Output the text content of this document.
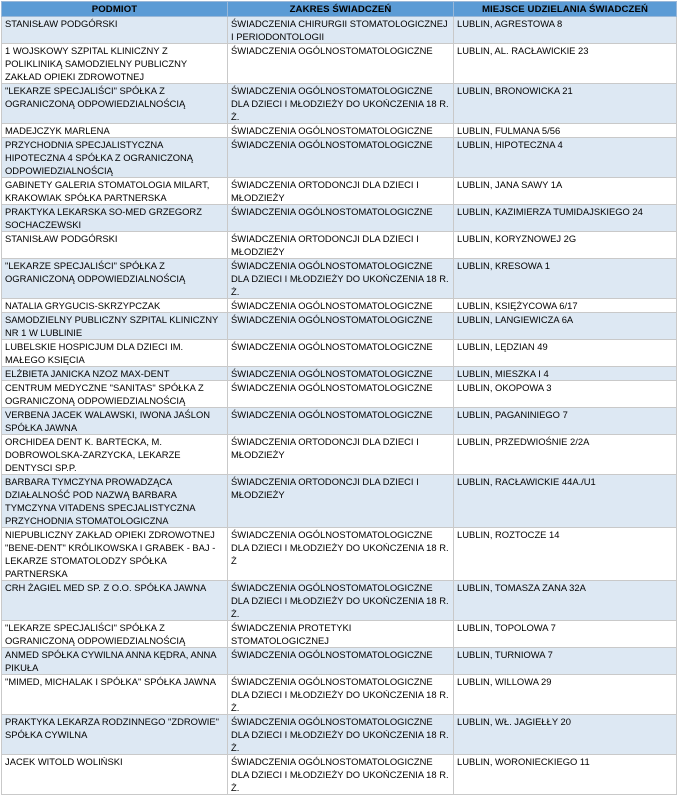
PODMIOT	ZAKRES ŚWIADCZEŃ	MIEJSCE UDZIELANIA ŚWIADCZEŃ
STANISŁAW PODGÓRSKI	ŚWIADCZENIA CHIRURGII STOMATOLOGICZNEJ I PERIODONTOLOGII	LUBLIN, AGRESTOWA 8
1 WOJSKOWY SZPITAL KLINICZNY Z POLIKLINIKĄ SAMODZIELNY PUBLICZNY ZAKŁAD OPIEKI ZDROWOTNEJ	ŚWIADCZENIA OGÓLNOSTOMATOLOGICZNE	LUBLIN, AL. RACŁAWICKIE 23
"LEKARZE SPECJALIŚCI" SPÓŁKA Z OGRANICZONĄ ODPOWIEDZIALNOŚCIĄ	ŚWIADCZENIA OGÓLNOSTOMATOLOGICZNE DLA DZIECI I MŁODZIEŻY DO UKOŃCZENIA 18 R. Ż.	LUBLIN, BRONOWICKA 21
MADEJCZYK MARLENA	ŚWIADCZENIA OGÓLNOSTOMATOLOGICZNE	LUBLIN, FULMANA 5/56
PRZYCHODNIA SPECJALISTYCZNA HIPOTECZNA 4 SPÓŁKA Z OGRANICZONĄ ODPOWIEDZIALNOŚCIĄ	ŚWIADCZENIA OGÓLNOSTOMATOLOGICZNE	LUBLIN, HIPOTECZNA 4
GABINETY GALERIA STOMATOLOGIA MILART, KRAKOWIAK SPÓŁKA PARTNERSKA	ŚWIADCZENIA ORTODONCJI DLA DZIECI I MŁODZIEŻY	LUBLIN, JANA SAWY 1A
PRAKTYKA LEKARSKA SO-MED GRZEGORZ SOCHACZEWSKI	ŚWIADCZENIA OGÓLNOSTOMATOLOGICZNE	LUBLIN, KAZIMIERZA TUMIDAJSKIEGO 24
STANISŁAW PODGÓRSKI	ŚWIADCZENIA ORTODONCJI DLA DZIECI I MŁODZIEŻY	LUBLIN, KORYZNOWEJ 2G
"LEKARZE SPECJALIŚCI" SPÓŁKA Z OGRANICZONĄ ODPOWIEDZIALNOŚCIĄ	ŚWIADCZENIA OGÓLNOSTOMATOLOGICZNE DLA DZIECI I MŁODZIEŻY DO UKOŃCZENIA 18 R. Ż.	LUBLIN, KRESOWA 1
NATALIA GRYGUCIS-SKRZYPCZAK	ŚWIADCZENIA OGÓLNOSTOMATOLOGICZNE	LUBLIN, KSIĘŻYCOWA 6/17
SAMODZIELNY PUBLICZNY SZPITAL KLINICZNY NR 1 W LUBLINIE	ŚWIADCZENIA OGÓLNOSTOMATOLOGICZNE	LUBLIN, LANGIEWICZA 6A
LUBELSKIE HOSPICJUM DLA DZIECI IM. MAŁEGO KSIĘCIA	ŚWIADCZENIA OGÓLNOSTOMATOLOGICZNE	LUBLIN, LĘDZIAN 49
ELŻBIETA JANICKA NZOZ MAX-DENT	ŚWIADCZENIA OGÓLNOSTOMATOLOGICZNE	LUBLIN, MIESZKA I 4
CENTRUM MEDYCZNE "SANITAS" SPÓŁKA Z OGRANICZONĄ ODPOWIEDZIALNOŚCIĄ	ŚWIADCZENIA OGÓLNOSTOMATOLOGICZNE	LUBLIN, OKOPOWA 3
VERBENA JACEK WALAWSKI, IWONA JAŚLON SPÓŁKA JAWNA	ŚWIADCZENIA OGÓLNOSTOMATOLOGICZNE	LUBLIN, PAGANINIEGO 7
ORCHIDEA DENT K. BARTECKA, M. DOBROWOLSKA-ZARZYCKA, LEKARZE DENTYSCI SP.P.	ŚWIADCZENIA ORTODONCJI DLA DZIECI I MŁODZIEŻY	LUBLIN, PRZEDWIOŚNIE 2/2A
BARBARA TYMCZYNA PROWADZĄCA DZIAŁALNOŚĆ POD NAZWĄ BARBARA TYMCZYNA VITADENS SPECJALISTYCZNA PRZYCHODNIA STOMATOLOGICZNA	ŚWIADCZENIA ORTODONCJI DLA DZIECI I MŁODZIEŻY	LUBLIN, RACŁAWICKIE 44A./U1
NIEPUBLICZNY ZAKŁAD OPIEKI ZDROWOTNEJ "BENE-DENT" KRÓLIKOWSKA I GRABEK - BAJ - LEKARZE STOMATOLODZY SPÓŁKA PARTNERSKA	ŚWIADCZENIA OGÓLNOSTOMATOLOGICZNE DLA DZIECI I MŁODZIEŻY DO UKOŃCZENIA 18 R. Ż	LUBLIN, ROZTOCZE 14
CRH ŻAGIEL MED SP. Z O.O. SPÓŁKA JAWNA	ŚWIADCZENIA OGÓLNOSTOMATOLOGICZNE DLA DZIECI I MŁODZIEŻY DO UKOŃCZENIA 18 R. Ż.	LUBLIN, TOMASZA ZANA 32A
"LEKARZE SPECJALIŚCI" SPÓŁKA Z OGRANICZONĄ ODPOWIEDZIALNOŚCIĄ	ŚWIADCZENIA PROTETYKI STOMATOLOGICZNEJ	LUBLIN, TOPOLOWA 7
ANMED SPÓŁKA CYWILNA ANNA KĘDRA, ANNA PIKUŁA	ŚWIADCZENIA OGÓLNOSTOMATOLOGICZNE	LUBLIN, TURNIOWA 7
"MIMED, MICHALAK I SPÓŁKA" SPÓŁKA JAWNA	ŚWIADCZENIA OGÓLNOSTOMATOLOGICZNE DLA DZIECI I MŁODZIEŻY DO UKOŃCZENIA 18 R. Ż.	LUBLIN, WILLOWA 29
PRAKTYKA LEKARZA RODZINNEGO "ZDROWIE" SPÓŁKA CYWILNA	ŚWIADCZENIA OGÓLNOSTOMATOLOGICZNE DLA DZIECI I MŁODZIEŻY DO UKOŃCZENIA 18 R. Ż.	LUBLIN, WŁ. JAGIEŁŁY 20
JACEK WITOLD WOLIŃSKI	ŚWIADCZENIA OGÓLNOSTOMATOLOGICZNE DLA DZIECI I MŁODZIEŻY DO UKOŃCZENIA 18 R. Ż.	LUBLIN, WORONIECKIEGO 11
